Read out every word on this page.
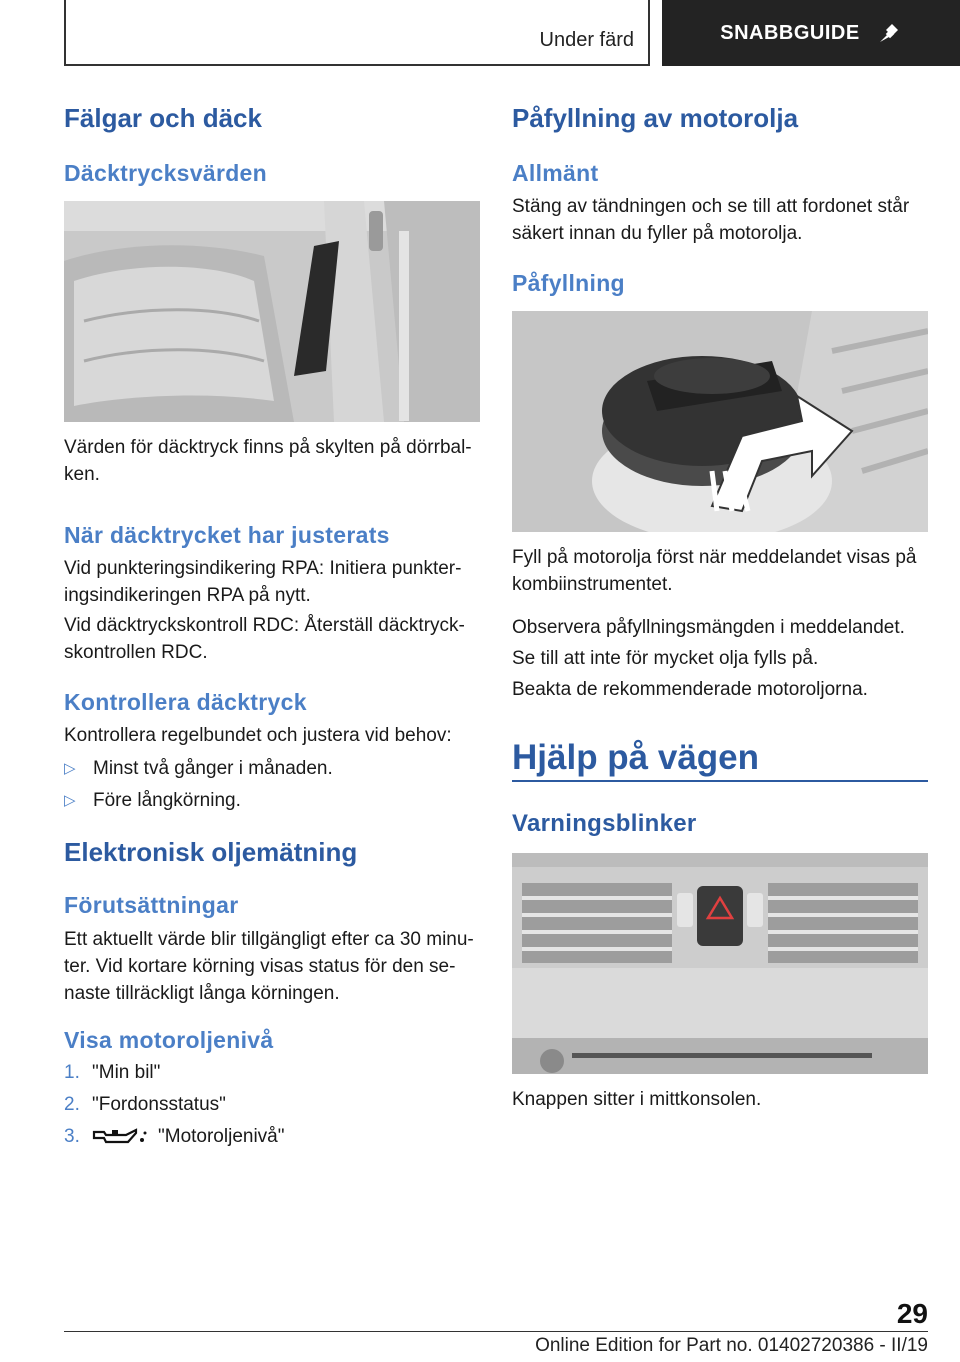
Under färd	SNABBGUIDE
Fälgar och däck
Däcktrycksvärden
Värden för däcktryck finns på skylten på dörrbal-
ken.
När däcktrycket har justerats
Vid punkteringsindikering RPA: Initiera punkter-
ingsindikeringen RPA på nytt.
Vid däcktryckskontroll RDC: Återställ däcktryck-
skontrollen RDC.
Kontrollera däcktryck
Kontrollera regelbundet och justera vid behov:
▷ Minst två gånger i månaden.
▷ Före långkörning.
Elektronisk oljemätning
Förutsättningar
Ett aktuellt värde blir tillgängligt efter ca 30 minu-
ter. Vid kortare körning visas status för den se-
naste tillräckligt långa körningen.
Visa motoroljenivå
1. "Min bil"
2. "Fordonsstatus"
3.	"Motoroljenivå"
Påfyllning av motorolja
Allmänt
Stäng av tändningen och se till att fordonet står
säkert innan du fyller på motorolja.
Påfyllning
Fyll på motorolja först när meddelandet visas på
kombiinstrumentet.
Observera påfyllningsmängden i meddelandet.
Se till att inte för mycket olja fylls på.
Beakta de rekommenderade motoroljorna.
Hjälp på vägen
Varningsblinker
Knappen sitter i mittkonsolen.
29
Online Edition for Part no. 01402720386 - II/19
